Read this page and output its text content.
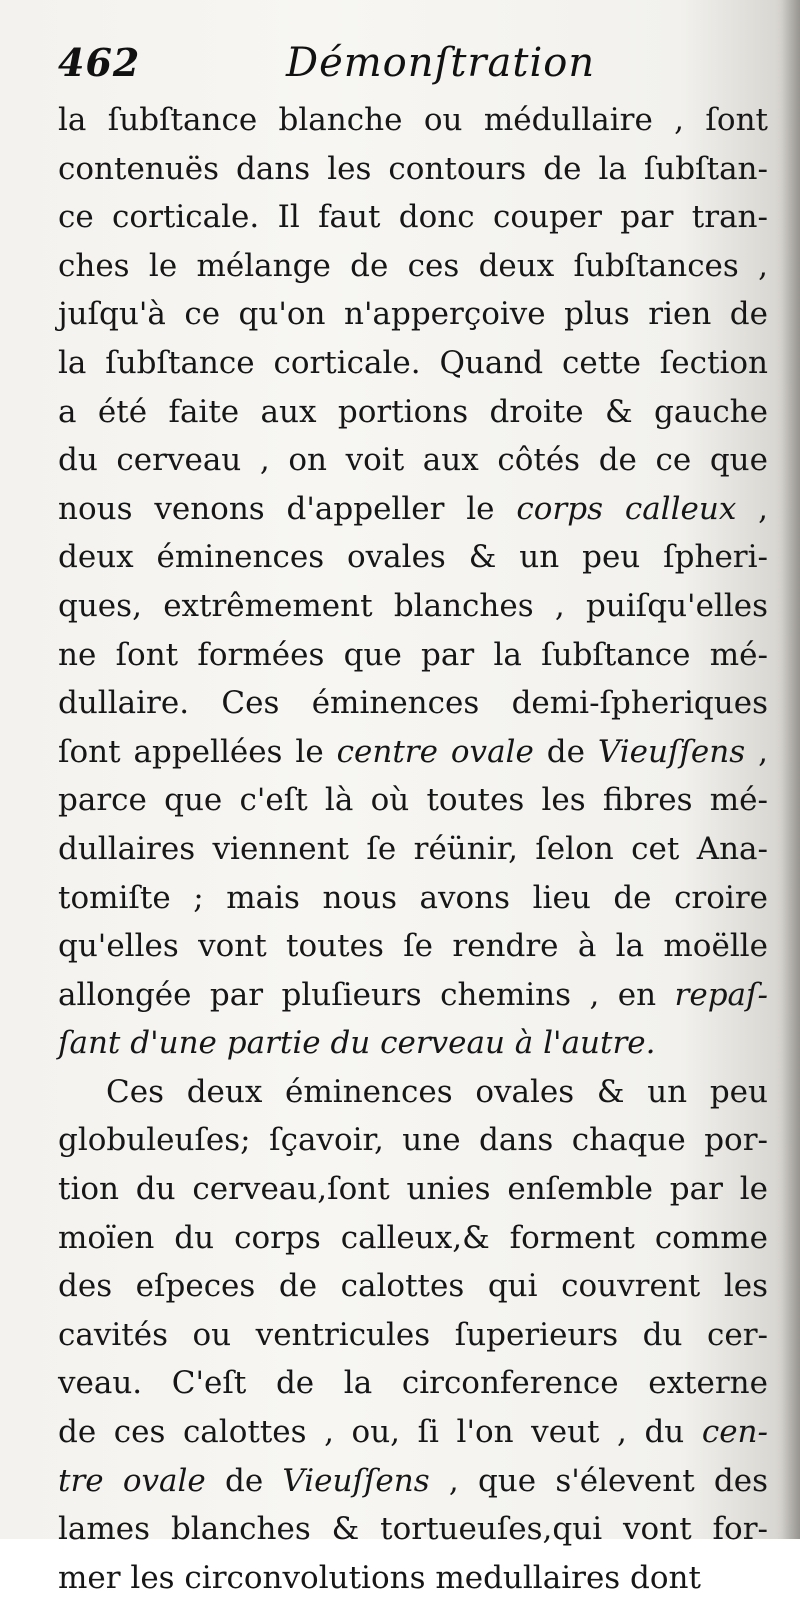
462	Démonſtration
la ſubſtance blanche ou médullaire , ſont
contenuës dans les contours de la ſubſtan-
ce corticale. Il faut donc couper par tran-
ches le mélange de ces deux ſubſtances ,
juſqu'à ce qu'on n'apperçoive plus rien de
la ſubſtance corticale. Quand cette ſection
a été faite aux portions droite & gauche
du cerveau , on voit aux côtés de ce que
nous venons d'appeller le corps calleux ,
deux éminences ovales & un peu ſpheri-
ques, extrêmement blanches , puiſqu'elles
ne ſont formées que par la ſubſtance mé-
dullaire. Ces éminences demi-ſpheriques
ſont appellées le centre ovale de Vieuſſens ,
parce que c'eſt là où toutes les fibres mé-
dullaires viennent ſe réünir, ſelon cet Ana-
tomiſte ; mais nous avons lieu de croire
qu'elles vont toutes ſe rendre à la moëlle
allongée par pluſieurs chemins , en repaſ-
ſant d'une partie du cerveau à l'autre.
Ces deux éminences ovales & un peu
globuleuſes; ſçavoir, une dans chaque por-
tion du cerveau,ſont unies enſemble par le
moïen du corps calleux,& forment comme
des eſpeces de calottes qui couvrent les
cavités ou ventricules ſuperieurs du cer-
veau. C'eſt de la circonference externe
de ces calottes , ou, ſi l'on veut , du cen-
tre ovale de Vieuſſens , que s'élevent des
lames blanches & tortueuſes,qui vont for-
mer les circonvolutions medullaires dont
